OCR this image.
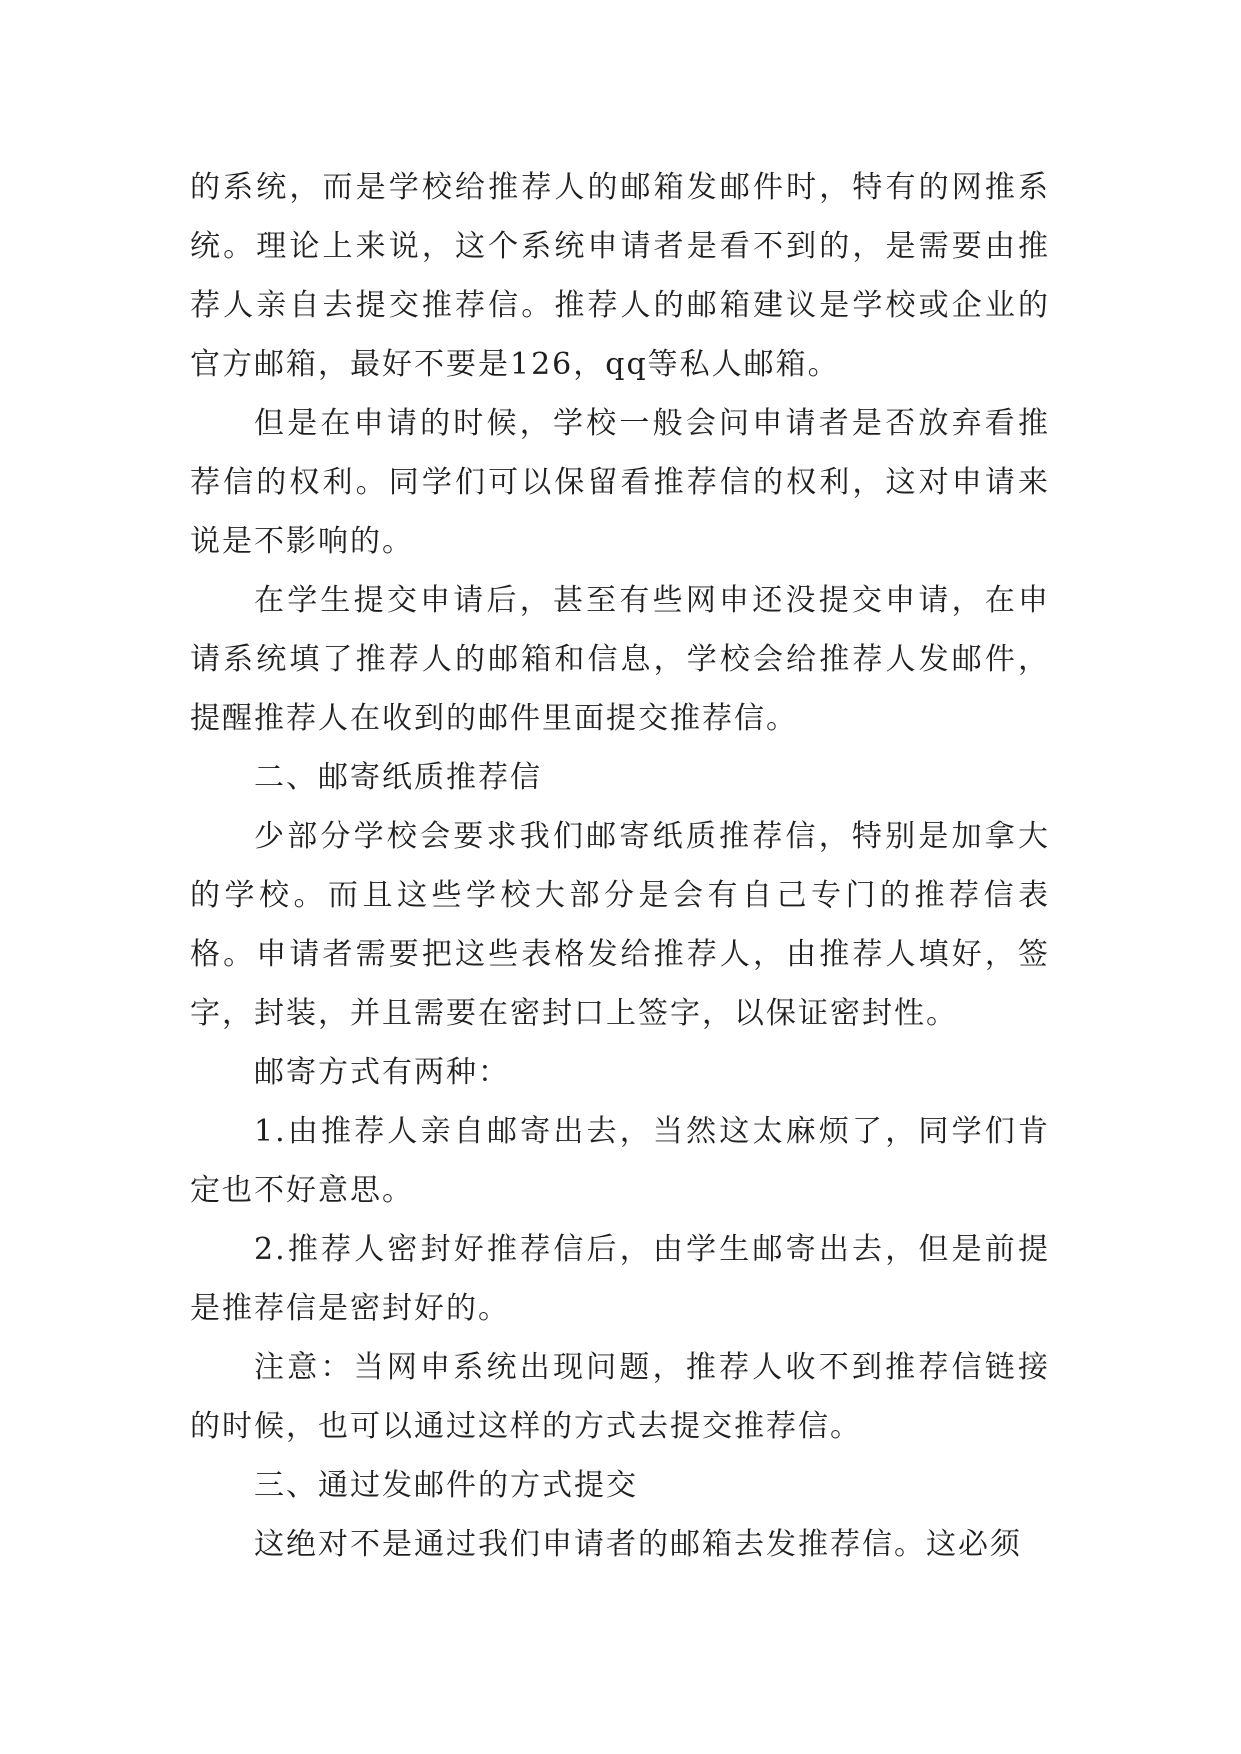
的系统，而是学校给推荐人的邮箱发邮件时，特有的网推系统。理论上来说，这个系统申请者是看不到的，是需要由推荐人亲自去提交推荐信。推荐人的邮箱建议是学校或企业的官方邮箱，最好不要是126，qq等私人邮箱。

但是在申请的时候，学校一般会问申请者是否放弃看推荐信的权利。同学们可以保留看推荐信的权利，这对申请来说是不影响的。

在学生提交申请后，甚至有些网申还没提交申请，在申请系统填了推荐人的邮箱和信息，学校会给推荐人发邮件，提醒推荐人在收到的邮件里面提交推荐信。

二、邮寄纸质推荐信

少部分学校会要求我们邮寄纸质推荐信，特别是加拿大的学校。而且这些学校大部分是会有自己专门的推荐信表格。申请者需要把这些表格发给推荐人，由推荐人填好，签字，封装，并且需要在密封口上签字，以保证密封性。

邮寄方式有两种：

1.由推荐人亲自邮寄出去，当然这太麻烦了，同学们肯定也不好意思。

2.推荐人密封好推荐信后，由学生邮寄出去，但是前提是推荐信是密封好的。

注意：当网申系统出现问题，推荐人收不到推荐信链接的时候，也可以通过这样的方式去提交推荐信。

三、通过发邮件的方式提交

这绝对不是通过我们申请者的邮箱去发推荐信。这必须
